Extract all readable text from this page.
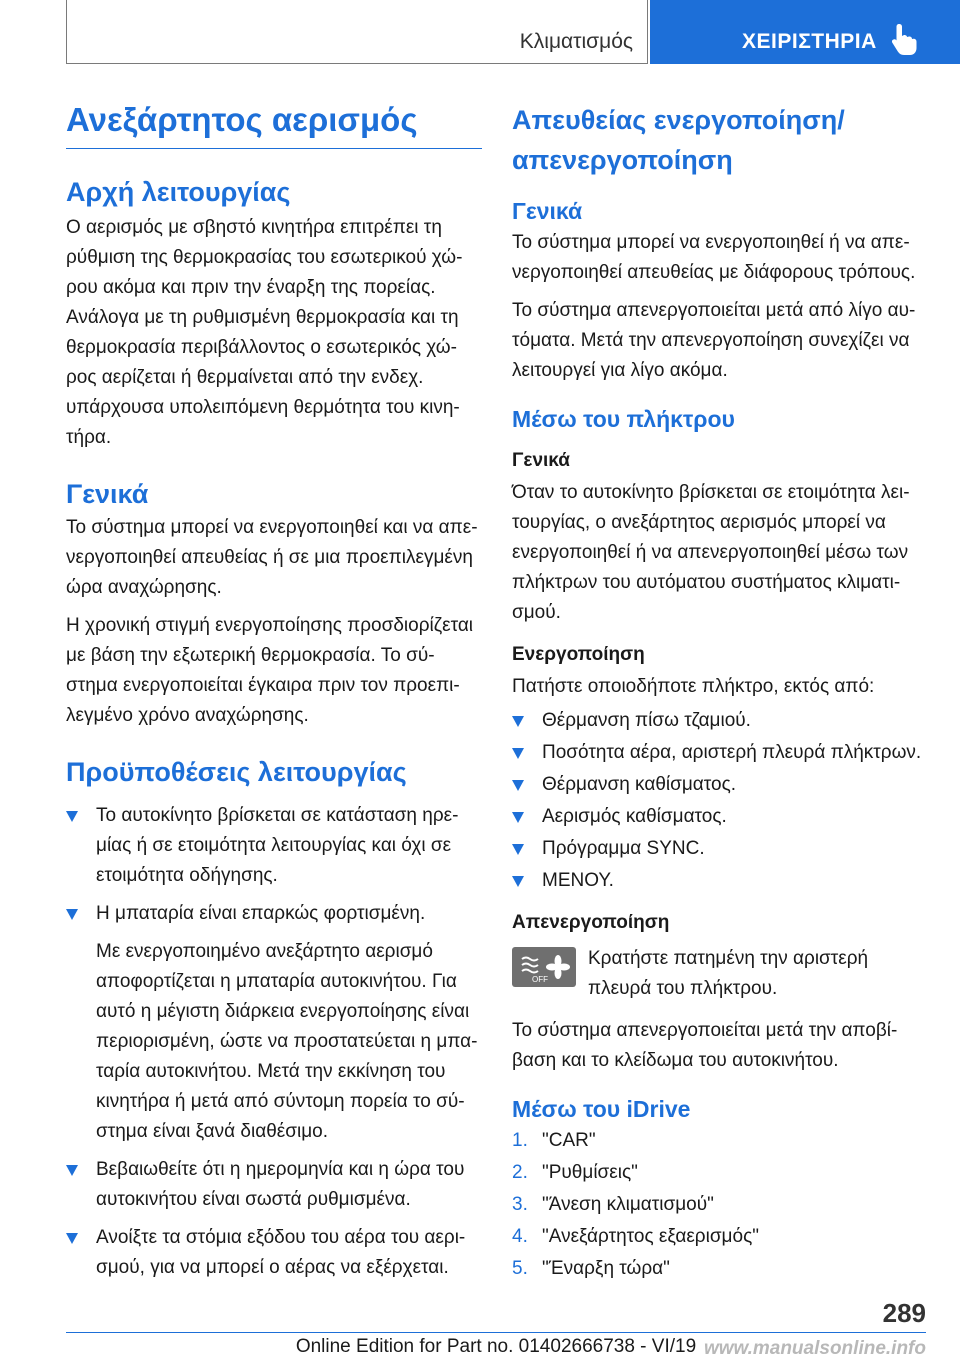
Κλιματισμός	ΧΕΙΡΙΣΤΗΡΙΑ
Ανεξάρτητος αερισμός
Αρχή λειτουργίας

Ο αερισμός με σβηστό κινητήρα επιτρέπει τη ρύθμιση της θερμοκρασίας του εσωτερικού χώ- ρου ακόμα και πριν την έναρξη της πορείας. Ανάλογα με τη ρυθμισμένη θερμοκρασία και τη θερμοκρασία περιβάλλοντος ο εσωτερικός χώ- ρος αερίζεται ή θερμαίνεται από την ενδεχ. υπάρχουσα υπολειπόμενη θερμότητα του κινη- τήρα.

Γενικά

Το σύστημα μπορεί να ενεργοποιηθεί και να απε- νεργοποιηθεί απευθείας ή σε μια προεπιλεγμένη ώρα αναχώρησης.

Η χρονική στιγμή ενεργοποίησης προσδιορίζεται με βάση την εξωτερική θερμοκρασία. Το σύ- στημα ενεργοποιείται έγκαιρα πριν τον προεπι- λεγμένο χρόνο αναχώρησης.

Προϋποθέσεις λειτουργίας

Το αυτοκίνητο βρίσκεται σε κατάσταση ηρε- μίας ή σε ετοιμότητα λειτουργίας και όχι σε ετοιμότητα οδήγησης.

Η μπαταρία είναι επαρκώς φορτισμένη.

Με ενεργοποιημένο ανεξάρτητο αερισμό αποφορτίζεται η μπαταρία αυτοκινήτου. Για αυτό η μέγιστη διάρκεια ενεργοποίησης είναι περιορισμένη, ώστε να προστατεύεται η μπα- ταρία αυτοκινήτου. Μετά την εκκίνηση του κινητήρα ή μετά από σύντομη πορεία το σύ- στημα είναι ξανά διαθέσιμο.

Βεβαιωθείτε ότι η ημερομηνία και η ώρα του αυτοκινήτου είναι σωστά ρυθμισμένα.

Ανοίξτε τα στόμια εξόδου του αέρα του αερι- σμού, για να μπορεί ο αέρας να εξέρχεται.

Απευθείας ενεργοποίηση/ απενεργοποίηση
Γενικά

Το σύστημα μπορεί να ενεργοποιηθεί ή να απε- νεργοποιηθεί απευθείας με διάφορους τρόπους.

Το σύστημα απενεργοποιείται μετά από λίγο αυ- τόματα. Μετά την απενεργοποίηση συνεχίζει να λειτουργεί για λίγο ακόμα.

Μέσω του πλήκτρου
Γενικά

Όταν το αυτοκίνητο βρίσκεται σε ετοιμότητα λει- τουργίας, ο ανεξάρτητος αερισμός μπορεί να ενεργοποιηθεί ή να απενεργοποιηθεί μέσω των πλήκτρων του αυτόματου συστήματος κλιματι- σμού.

Ενεργοποίηση

Πατήστε οποιοδήποτε πλήκτρο, εκτός από:

Θέρμανση πίσω τζαμιού.

Ποσότητα αέρα, αριστερή πλευρά πλήκτρων.

Θέρμανση καθίσματος.

Αερισμός καθίσματος.

Πρόγραμμα SYNC.

ΜΕΝΟΥ.

Απενεργοποίηση
OFF

Κρατήστε πατημένη την αριστερή πλευρά του πλήκτρου.

Το σύστημα απενεργοποιείται μετά την αποβί- βαση και το κλείδωμα του αυτοκινήτου.

Μέσω του iDrive
1. "CAR"
2. "Ρυθμίσεις"
3. "Άνεση κλιματισμού"
4. "Ανεξάρτητος εξαερισμός"
5. "Έναρξη τώρα"
289
Online Edition for Part no. 01402666738 - VI/19 www.manualsonline.info
